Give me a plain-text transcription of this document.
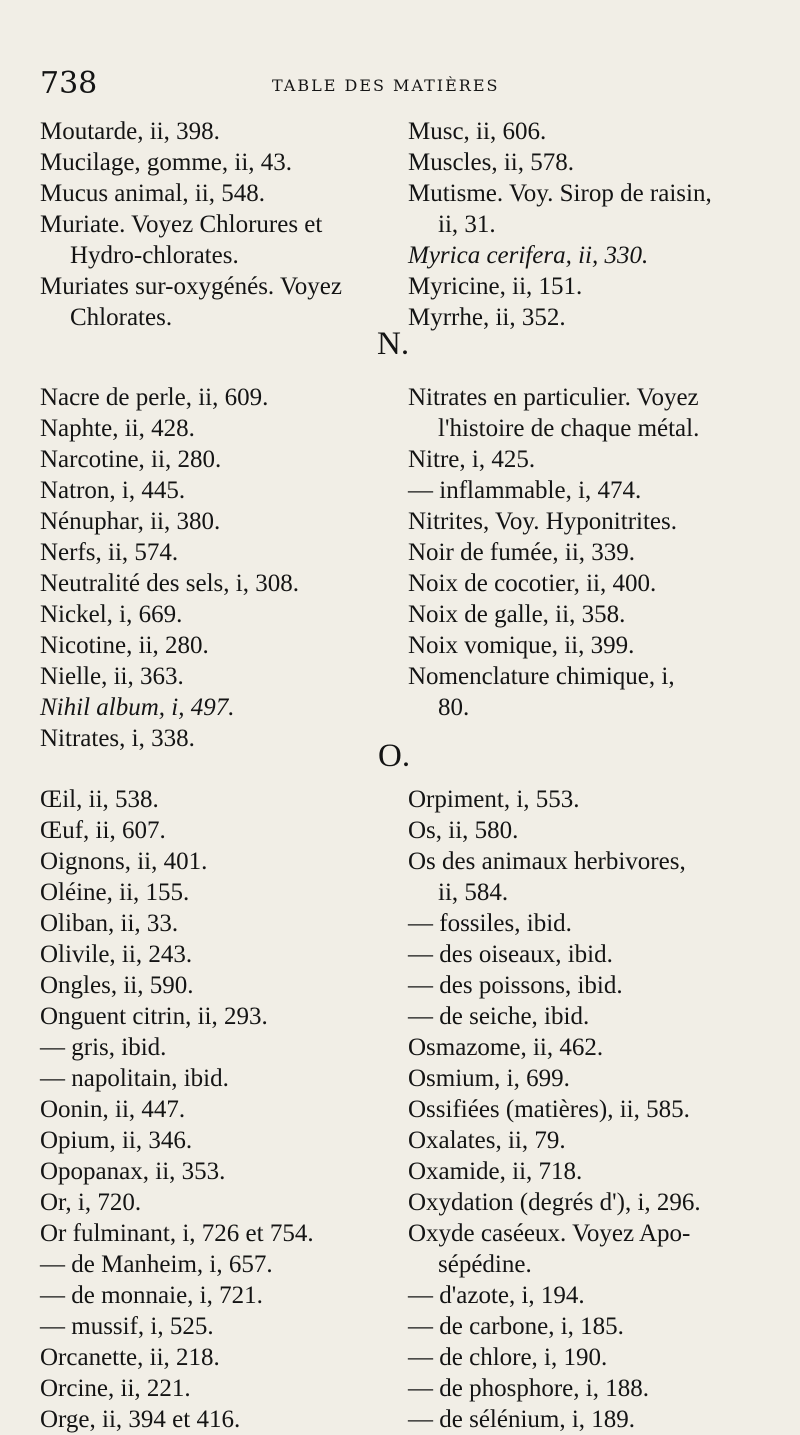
738	TABLE DES MATIÈRES
Moutarde, ii, 398.
Mucilage, gomme, ii, 43.
Mucus animal, ii, 548.
Muriate. Voyez Chlorures et
Hydro-chlorates.
Muriates sur-oxygénés. Voyez
Chlorates.
Musc, ii, 606.
Muscles, ii, 578.
Mutisme. Voy. Sirop de raisin,
ii, 31.
Myrica cerifera, ii, 330.
Myricine, ii, 151.
Myrrhe, ii, 352.
N.
Nacre de perle, ii, 609.
Naphte, ii, 428.
Narcotine, ii, 280.
Natron, i, 445.
Nénuphar, ii, 380.
Nerfs, ii, 574.
Neutralité des sels, i, 308.
Nickel, i, 669.
Nicotine, ii, 280.
Nielle, ii, 363.
Nihil album, i, 497.
Nitrates, i, 338.
Nitrates en particulier. Voyez
l'histoire de chaque métal.
Nitre, i, 425.
— inflammable, i, 474.
Nitrites, Voy. Hyponitrites.
Noir de fumée, ii, 339.
Noix de cocotier, ii, 400.
Noix de galle, ii, 358.
Noix vomique, ii, 399.
Nomenclature chimique, i,
80.
O.
Œil, ii, 538.
Œuf, ii, 607.
Oignons, ii, 401.
Oléine, ii, 155.
Oliban, ii, 33.
Olivile, ii, 243.
Ongles, ii, 590.
Onguent citrin, ii, 293.
— gris, ibid.
— napolitain, ibid.
Oonin, ii, 447.
Opium, ii, 346.
Opopanax, ii, 353.
Or, i, 720.
Or fulminant, i, 726 et 754.
— de Manheim, i, 657.
— de monnaie, i, 721.
— mussif, i, 525.
Orcanette, ii, 218.
Orcine, ii, 221.
Orge, ii, 394 et 416.
Orpiment, i, 553.
Os, ii, 580.
Os des animaux herbivores,
ii, 584.
— fossiles, ibid.
— des oiseaux, ibid.
— des poissons, ibid.
— de seiche, ibid.
Osmazome, ii, 462.
Osmium, i, 699.
Ossifiées (matières), ii, 585.
Oxalates, ii, 79.
Oxamide, ii, 718.
Oxydation (degrés d'), i, 296.
Oxyde caséeux. Voyez Apo-
sépédine.
— d'azote, i, 194.
— de carbone, i, 185.
— de chlore, i, 190.
— de phosphore, i, 188.
— de sélénium, i, 189.
